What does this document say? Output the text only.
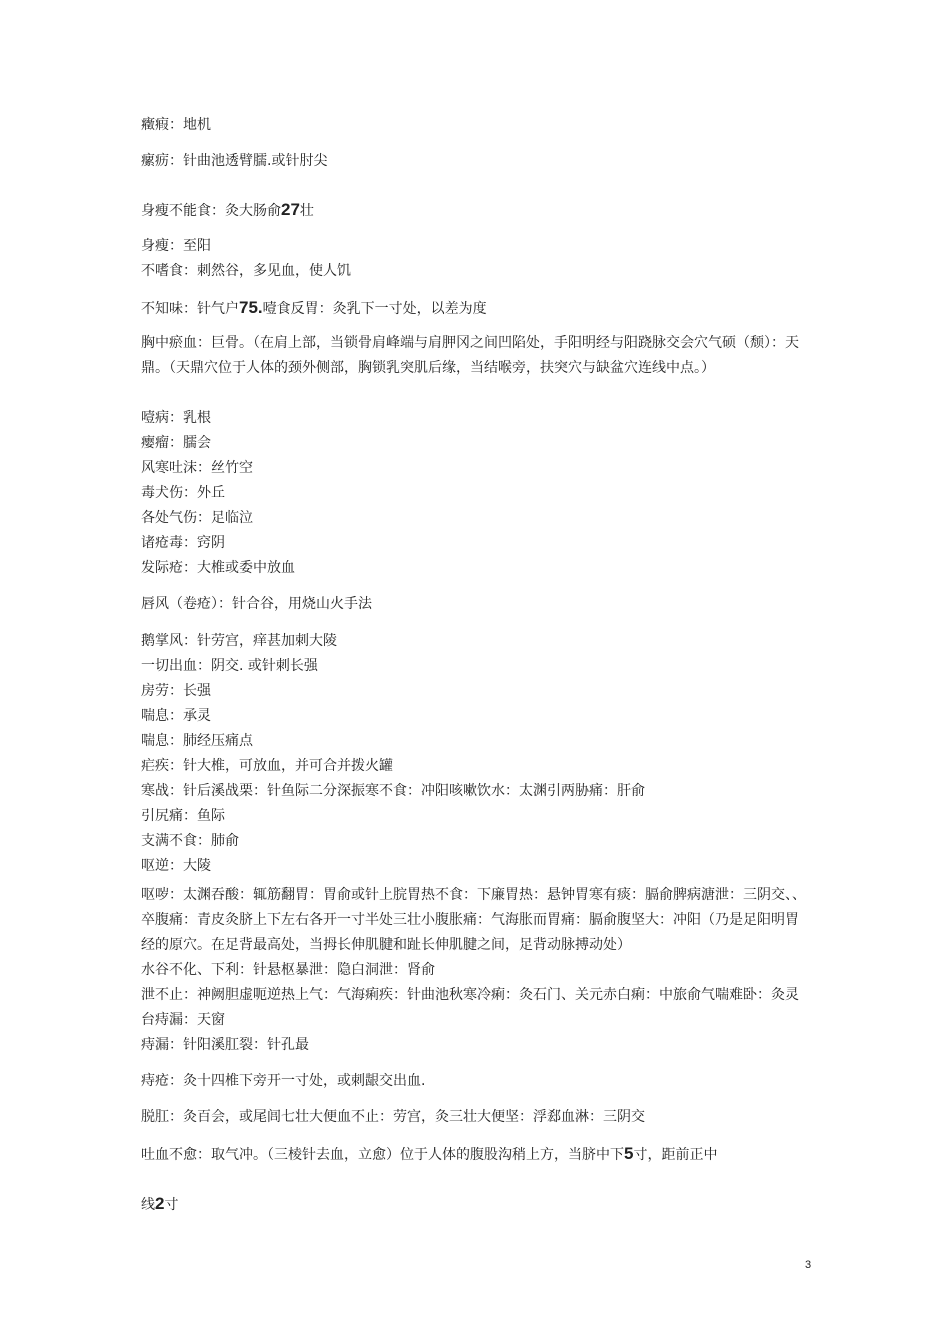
癥瘕：地机
瘰疬：针曲池透臂臑.或针肘尖
身瘦不能食：灸大肠俞27壮
身瘦：至阳
不嗜食：刺然谷，多见血，使人饥
不知味：针气户75.噎食反胃：灸乳下一寸处，以差为度
胸中瘀血：巨骨。（在肩上部，当锁骨肩峰端与肩胛冈之间凹陷处，手阳明经与阳跷脉交会穴气硕（颓）：天鼎。（天鼎穴位于人体的颈外侧部，胸锁乳突肌后缘，当结喉旁，扶突穴与缺盆穴连线中点。）
噎病：乳根
瘿瘤：臑会
风寒吐沫：丝竹空
毒犬伤：外丘
各处气伤：足临泣
诸疮毒：窍阴
发际疮：大椎或委中放血
唇风（卷疮）：针合谷，用烧山火手法
鹅掌风：针劳宫，痒甚加刺大陵
一切出血：阴交. 或针刺长强
房劳：长强
喘息：承灵
喘息：肺经压痛点
疟疾：针大椎，可放血，并可合并拨火罐
寒战：针后溪战栗：针鱼际二分深振寒不食：冲阳咳嗽饮水：太渊引两胁痛：肝俞
引尻痛：鱼际
支满不食：肺俞
呕逆：大陵
呕哕：太渊吞酸：辄筋翻胃：胃俞或针上脘胃热不食：下廉胃热：悬钟胃寒有痰：膈俞脾病溏泄：三阴交、、卒腹痛：青皮灸脐上下左右各开一寸半处三壮小腹胀痛：气海胀而胃痛：膈俞腹坚大：冲阳（乃是足阳明胃经的原穴。在足背最高处，当拇长伸肌腱和趾长伸肌腱之间，足背动脉搏动处）
水谷不化、下利：针悬枢暴泄：隐白洞泄：肾俞
泄不止：神阙胆虚呃逆热上气：气海痢疾：针曲池秋寒冷痢：灸石门、关元赤白痢：中旅俞气喘难卧：灸灵台痔漏：天窗
痔漏：针阳溪肛裂：针孔最
痔疮：灸十四椎下旁开一寸处，或刺龈交出血.
脱肛：灸百会，或尾闾七壮大便血不止：劳宫，灸三壮大便坚：浮郄血淋：三阴交
吐血不愈：取气冲。（三棱针去血，立愈）位于人体的腹股沟稍上方，当脐中下5寸，距前正中
线2寸
3
